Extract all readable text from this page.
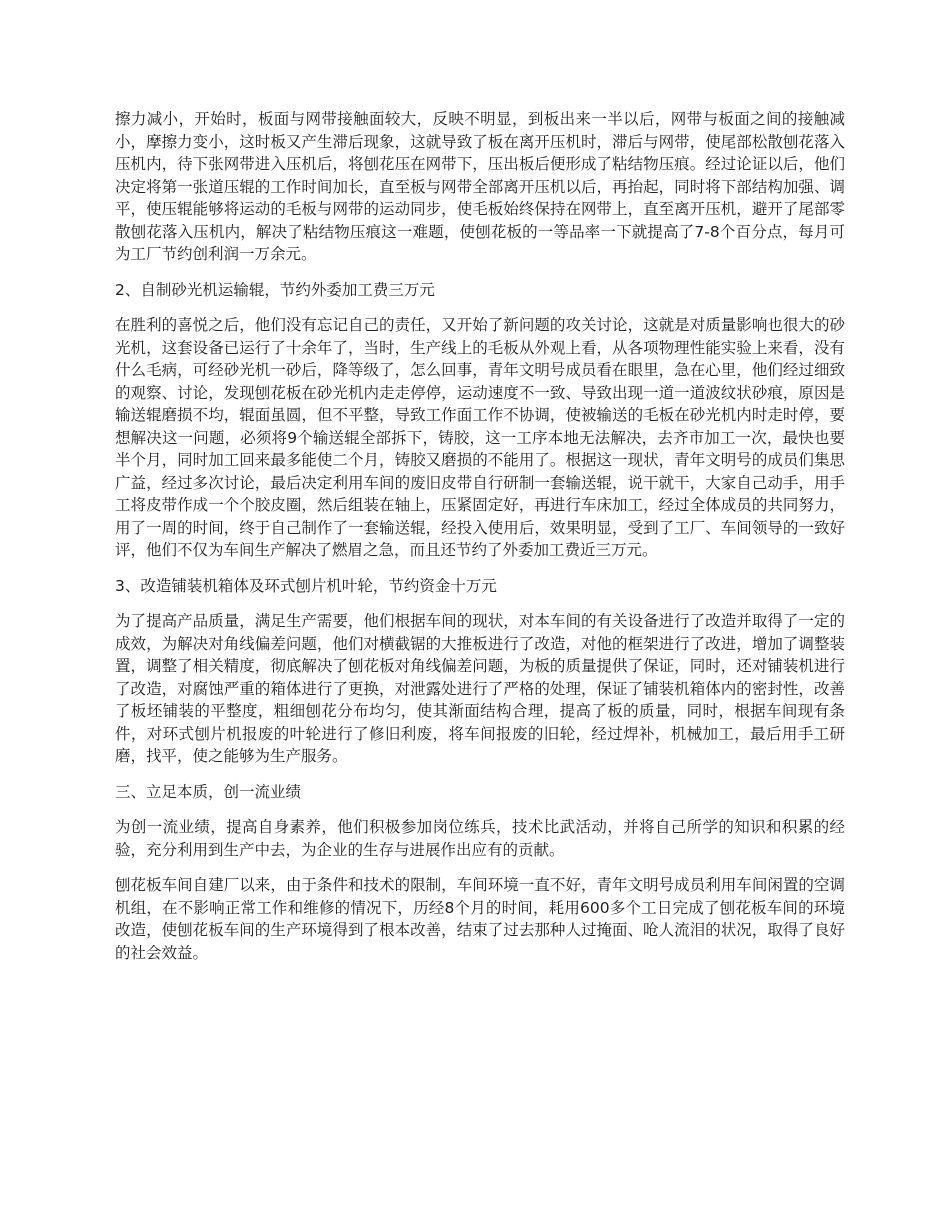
擦力减小，开始时，板面与网带接触面较大，反映不明显，到板出来一半以后，网带与板面之间的接触减小，摩擦力变小，这时板又产生滞后现象，这就导致了板在离开压机时，滞后与网带，使尾部松散刨花落入压机内，待下张网带进入压机后，将刨花压在网带下，压出板后便形成了粘结物压痕。经过论证以后，他们决定将第一张道压辊的工作时间加长，直至板与网带全部离开压机以后，再抬起，同时将下部结构加强、调平，使压辊能够将运动的毛板与网带的运动同步，使毛板始终保持在网带上，直至离开压机，避开了尾部零散刨花落入压机内，解决了粘结物压痕这一难题，使刨花板的一等品率一下就提高了7-8个百分点，每月可为工厂节约创利润一万余元。

2、自制砂光机运输辊，节约外委加工费三万元

在胜利的喜悦之后，他们没有忘记自己的责任，又开始了新问题的攻关讨论，这就是对质量影响也很大的砂光机，这套设备已运行了十余年了，当时，生产线上的毛板从外观上看，从各项物理性能实验上来看，没有什么毛病，可经砂光机一砂后，降等级了，怎么回事，青年文明号成员看在眼里，急在心里，他们经过细致的观察、讨论，发现刨花板在砂光机内走走停停，运动速度不一致、导致出现一道一道波纹状砂痕，原因是输送辊磨损不均，辊面虽圆，但不平整，导致工作面工作不协调，使被输送的毛板在砂光机内时走时停，要想解决这一问题，必须将9个输送辊全部拆下，铸胶，这一工序本地无法解决，去齐市加工一次，最快也要半个月，同时加工回来最多能使二个月，铸胶又磨损的不能用了。根据这一现状，青年文明号的成员们集思广益，经过多次讨论，最后决定利用车间的废旧皮带自行研制一套输送辊，说干就干，大家自己动手，用手工将皮带作成一个个胶皮圈，然后组装在轴上，压紧固定好，再进行车床加工，经过全体成员的共同努力，用了一周的时间，终于自己制作了一套输送辊，经投入使用后，效果明显，受到了工厂、车间领导的一致好评，他们不仅为车间生产解决了燃眉之急，而且还节约了外委加工费近三万元。

3、改造铺装机箱体及环式刨片机叶轮，节约资金十万元

为了提高产品质量，满足生产需要，他们根据车间的现状，对本车间的有关设备进行了改造并取得了一定的成效，为解决对角线偏差问题，他们对横截锯的大推板进行了改造，对他的框架进行了改进，增加了调整装置，调整了相关精度，彻底解决了刨花板对角线偏差问题，为板的质量提供了保证，同时，还对铺装机进行了改造，对腐蚀严重的箱体进行了更换，对泄露处进行了严格的处理，保证了铺装机箱体内的密封性，改善了板坯铺装的平整度，粗细刨花分布均匀，使其渐面结构合理，提高了板的质量，同时，根据车间现有条件，对环式刨片机报废的叶轮进行了修旧利废，将车间报废的旧轮，经过焊补，机械加工，最后用手工研磨，找平，使之能够为生产服务。

三、立足本质，创一流业绩

为创一流业绩，提高自身素养，他们积极参加岗位练兵，技术比武活动，并将自己所学的知识和积累的经验，充分利用到生产中去，为企业的生存与进展作出应有的贡献。

刨花板车间自建厂以来，由于条件和技术的限制，车间环境一直不好，青年文明号成员利用车间闲置的空调机组，在不影响正常工作和维修的情况下，历经8个月的时间，耗用600多个工日完成了刨花板车间的环境改造，使刨花板车间的生产环境得到了根本改善，结束了过去那种人过掩面、呛人流泪的状况，取得了良好的社会效益。
